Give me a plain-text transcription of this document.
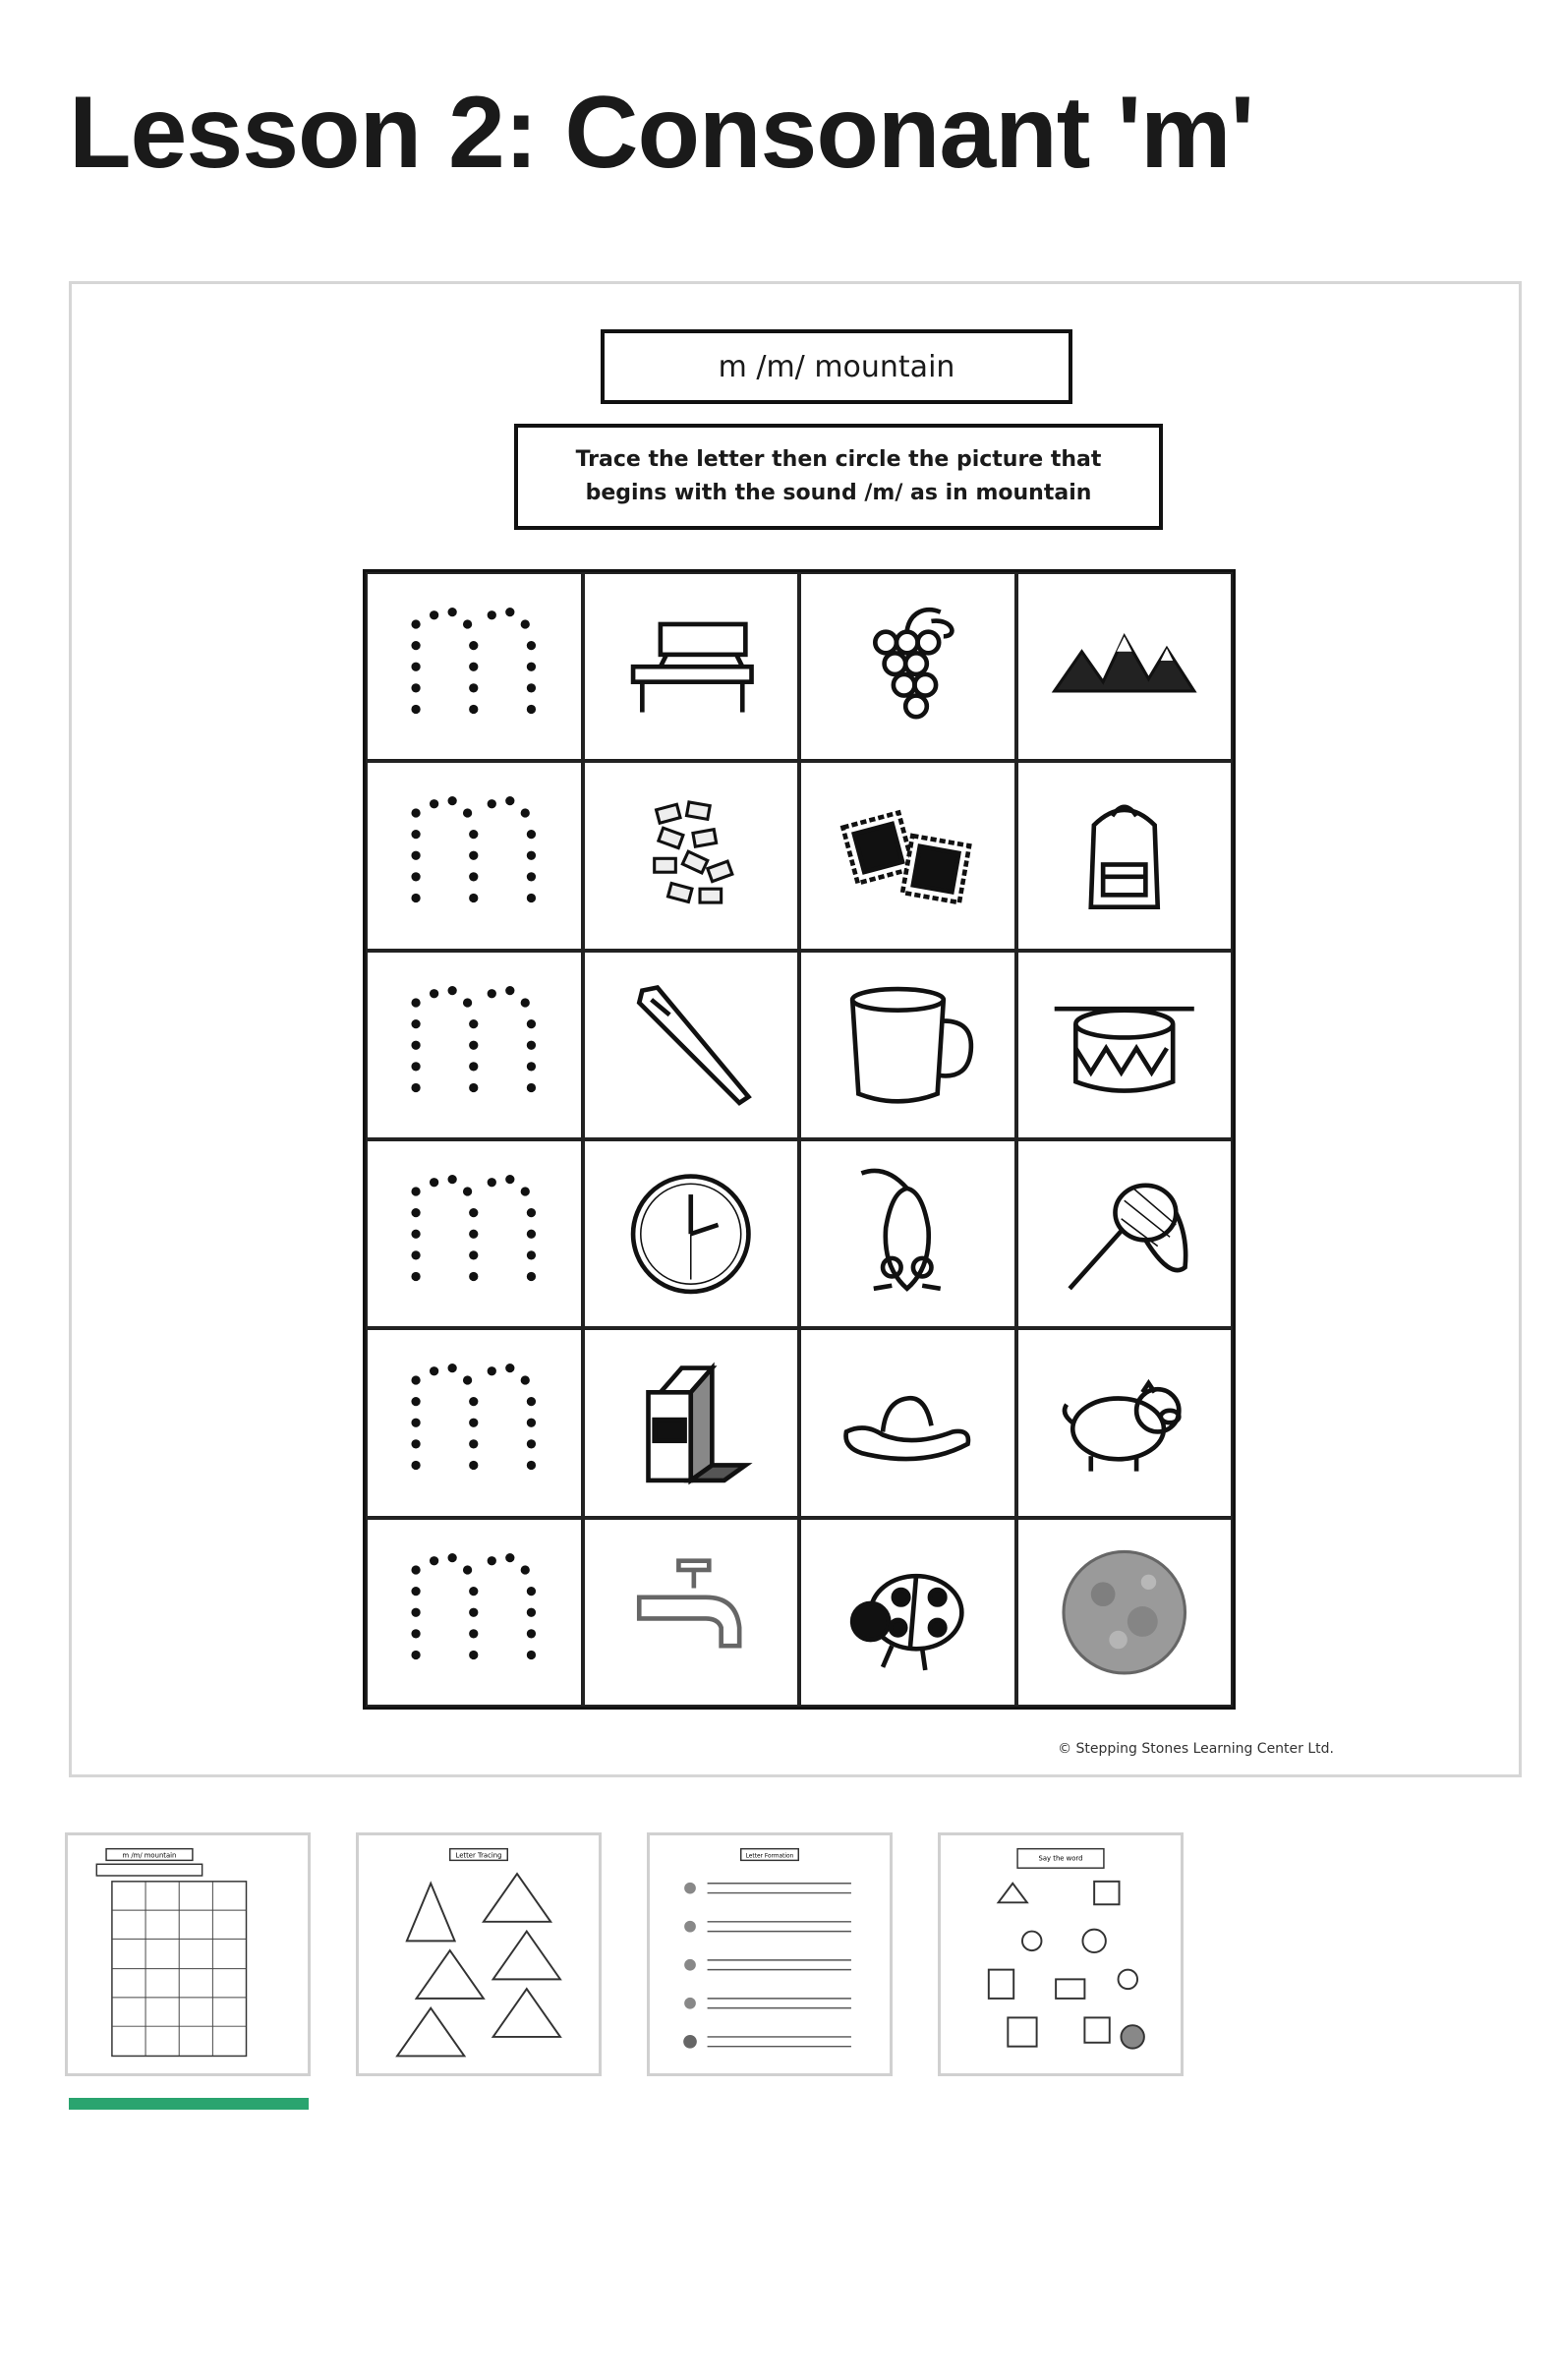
Lesson 2: Consonant 'm'
m /m/ mountain
Trace the letter then circle the picture that begins with the sound /m/ as in mountain
© Stepping Stones Learning Center Ltd.
m /m/ mountain	Letter Tracing	Letter Formation	Say the word
